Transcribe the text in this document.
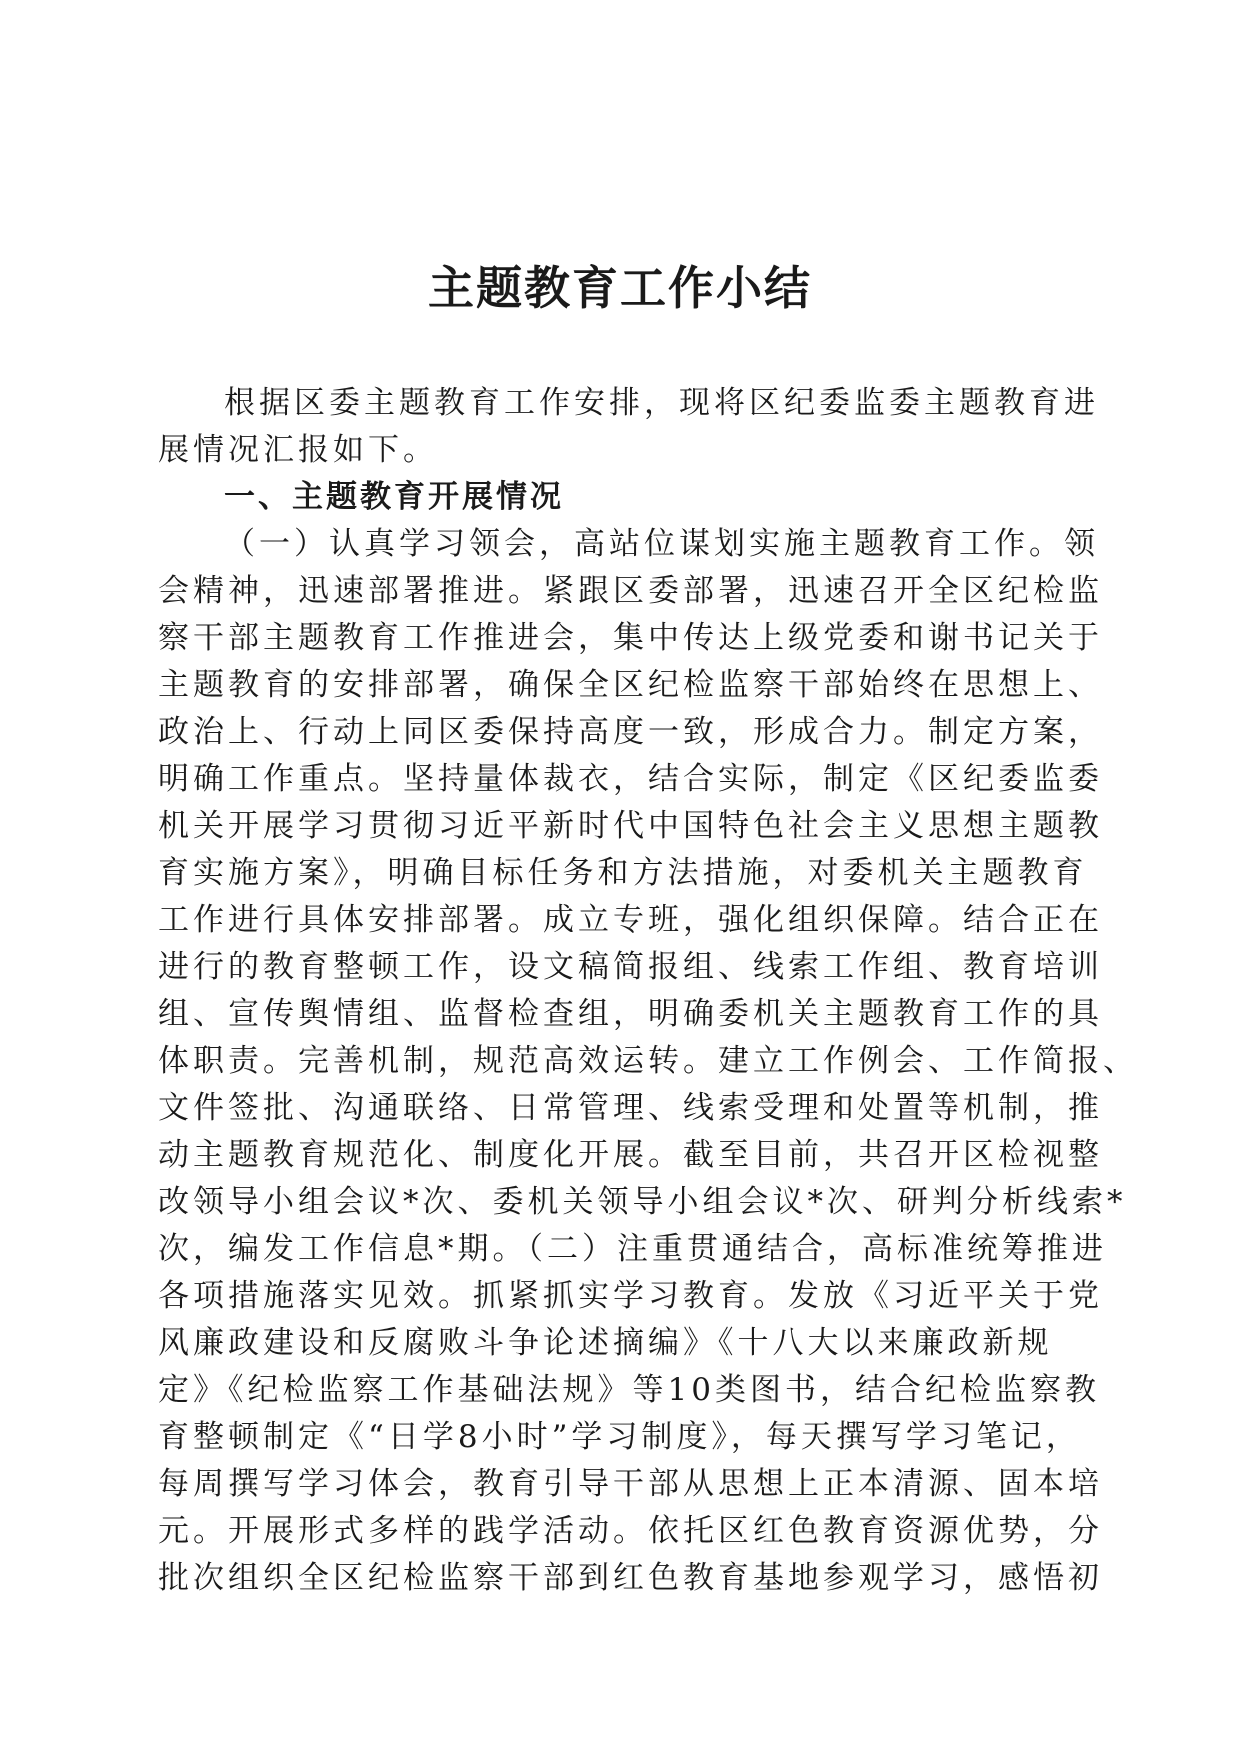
主题教育工作小结
根据区委主题教育工作安排，现将区纪委监委主题教育进
展情况汇报如下。
一、主题教育开展情况
（一）认真学习领会，高站位谋划实施主题教育工作。领
会精神，迅速部署推进。紧跟区委部署，迅速召开全区纪检监
察干部主题教育工作推进会，集中传达上级党委和谢书记关于
主题教育的安排部署，确保全区纪检监察干部始终在思想上、
政治上、行动上同区委保持高度一致，形成合力。制定方案，
明确工作重点。坚持量体裁衣，结合实际，制定《区纪委监委
机关开展学习贯彻习近平新时代中国特色社会主义思想主题教
育实施方案》，明确目标任务和方法措施，对委机关主题教育
工作进行具体安排部署。成立专班，强化组织保障。结合正在
进行的教育整顿工作，设文稿简报组、线索工作组、教育培训
组、宣传舆情组、监督检查组，明确委机关主题教育工作的具
体职责。完善机制，规范高效运转。建立工作例会、工作简报、
文件签批、沟通联络、日常管理、线索受理和处置等机制，推
动主题教育规范化、制度化开展。截至目前，共召开区检视整
改领导小组会议*次、委机关领导小组会议*次、研判分析线索*
次，编发工作信息*期。（二）注重贯通结合，高标准统筹推进
各项措施落实见效。抓紧抓实学习教育。发放《习近平关于党
风廉政建设和反腐败斗争论述摘编》《十八大以来廉政新规
定》《纪检监察工作基础法规》等10类图书，结合纪检监察教
育整顿制定《“日学8小时”学习制度》，每天撰写学习笔记，
每周撰写学习体会，教育引导干部从思想上正本清源、固本培
元。开展形式多样的践学活动。依托区红色教育资源优势，分
批次组织全区纪检监察干部到红色教育基地参观学习，感悟初
